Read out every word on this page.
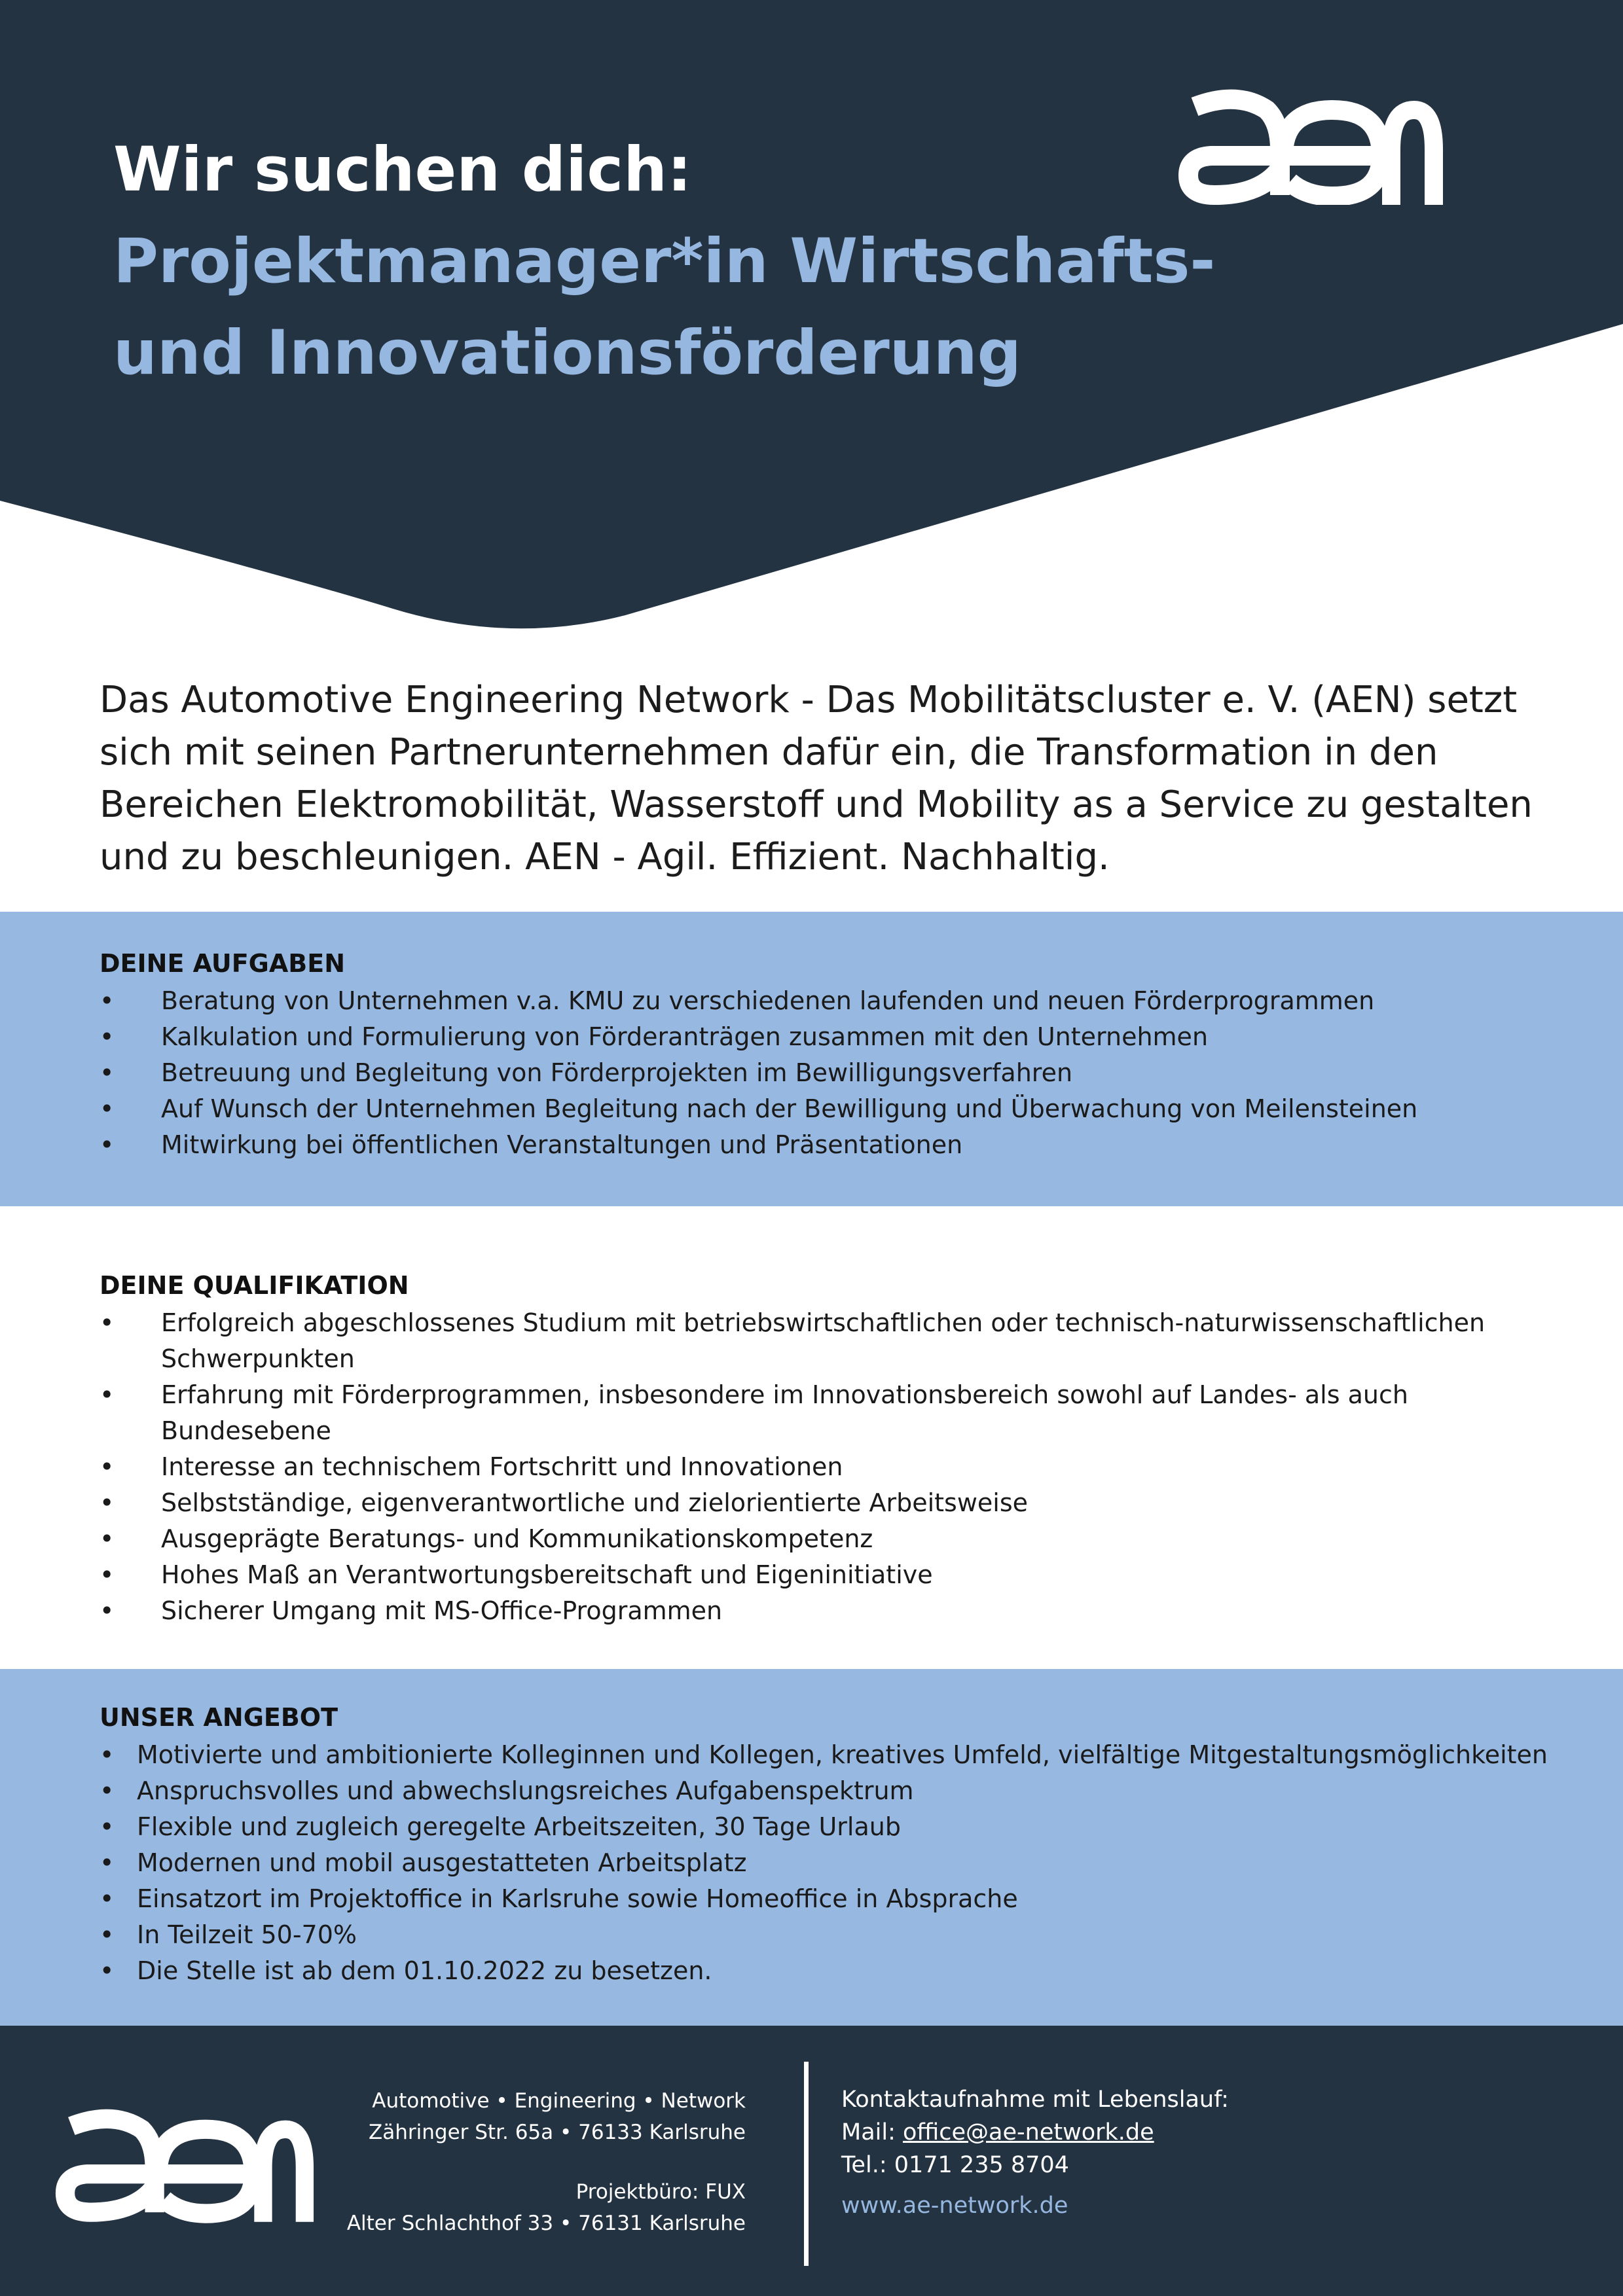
Wir suchen dich:
Projektmanager*in Wirtschafts-
und Innovationsförderung

Das Automotive Engineering Network - Das Mobilitätscluster e. V. (AEN) setzt sich mit seinen Partnerunternehmen dafür ein, die Transformation in den Bereichen Elektromobilität, Wasserstoff und Mobility as a Service zu gestalten und zu beschleunigen. AEN - Agil. Effizient. Nachhaltig.

DEINE AUFGABEN
• Beratung von Unternehmen v.a. KMU zu verschiedenen laufenden und neuen Förderprogrammen
• Kalkulation und Formulierung von Förderanträgen zusammen mit den Unternehmen
• Betreuung und Begleitung von Förderprojekten im Bewilligungsverfahren
• Auf Wunsch der Unternehmen Begleitung nach der Bewilligung und Überwachung von Meilensteinen
• Mitwirkung bei öffentlichen Veranstaltungen und Präsentationen
DEINE QUALIFIKATION
• Erfolgreich abgeschlossenes Studium mit betriebswirtschaftlichen oder technisch-naturwissenschaftlichen Schwerpunkten
• Erfahrung mit Förderprogrammen, insbesondere im Innovationsbereich sowohl auf Landes- als auch Bundesebene
• Interesse an technischem Fortschritt und Innovationen
• Selbstständige, eigenverantwortliche und zielorientierte Arbeitsweise
• Ausgeprägte Beratungs- und Kommunikationskompetenz
• Hohes Maß an Verantwortungsbereitschaft und Eigeninitiative
• Sicherer Umgang mit MS-Office-Programmen
UNSER ANGEBOT
• Motivierte und ambitionierte Kolleginnen und Kollegen, kreatives Umfeld, vielfältige Mitgestaltungsmöglichkeiten
• Anspruchsvolles und abwechslungsreiches Aufgabenspektrum
• Flexible und zugleich geregelte Arbeitszeiten, 30 Tage Urlaub
• Modernen und mobil ausgestatteten Arbeitsplatz
• Einsatzort im Projektoffice in Karlsruhe sowie Homeoffice in Absprache
• In Teilzeit 50-70%
• Die Stelle ist ab dem 01.10.2022 zu besetzen.
Automotive • Engineering • Network
Zähringer Str. 65a • 76133 Karlsruhe
Projektbüro: FUX
Alter Schlachthof 33 • 76131 Karlsruhe
Kontaktaufnahme mit Lebenslauf:
Mail: office@ae-network.de
Tel.: 0171 235 8704
www.ae-network.de
